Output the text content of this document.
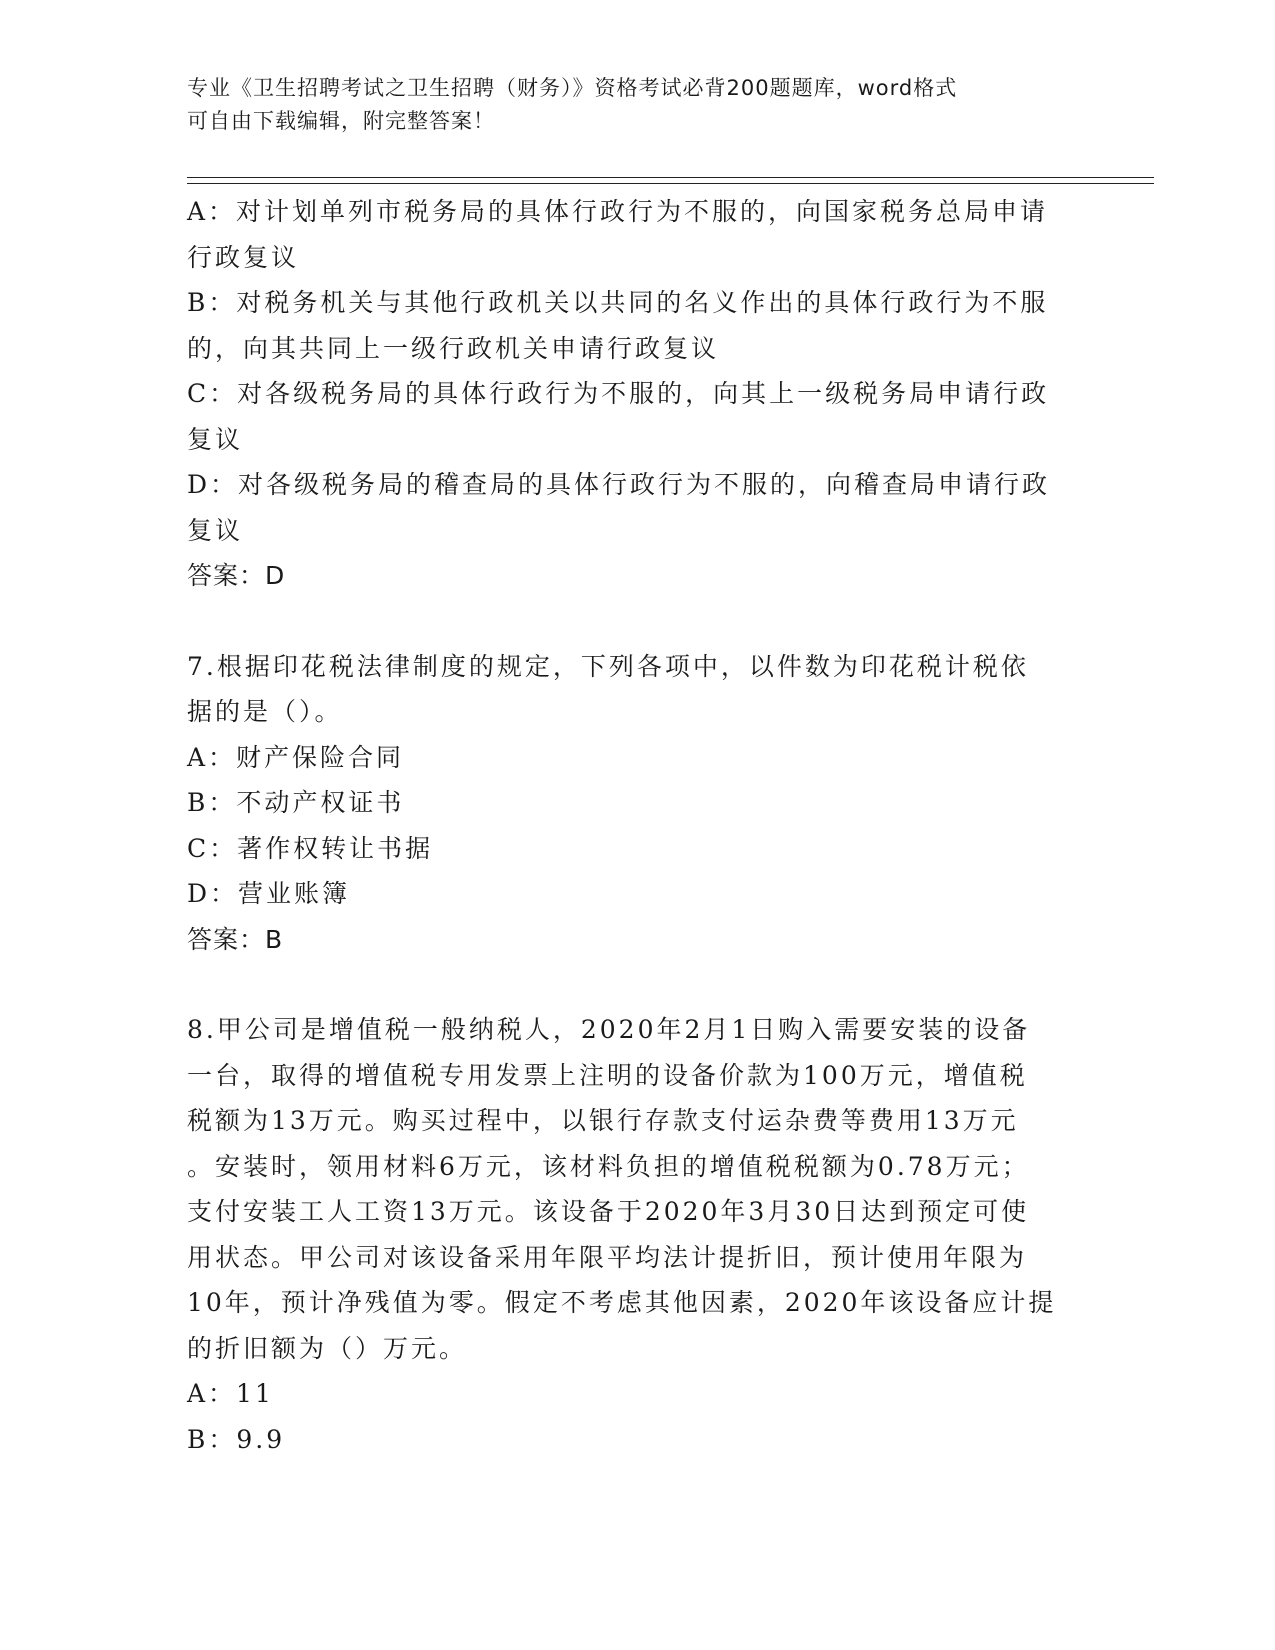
专业《卫生招聘考试之卫生招聘（财务）》资格考试必背200题题库，word格式
可自由下载编辑，附完整答案！
A：对计划单列市税务局的具体行政行为不服的，向国家税务总局申请
行政复议
B：对税务机关与其他行政机关以共同的名义作出的具体行政行为不服
的，向其共同上一级行政机关申请行政复议
C：对各级税务局的具体行政行为不服的，向其上一级税务局申请行政
复议
D：对各级税务局的稽查局的具体行政行为不服的，向稽查局申请行政
复议
答案：D
7.根据印花税法律制度的规定，下列各项中，以件数为印花税计税依
据的是（）。
A：财产保险合同
B：不动产权证书
C：著作权转让书据
D：营业账簿
答案：B
8.甲公司是增值税一般纳税人，2020年2月1日购入需要安装的设备
一台，取得的增值税专用发票上注明的设备价款为100万元，增值税
税额为13万元。购买过程中，以银行存款支付运杂费等费用13万元
。安装时，领用材料6万元，该材料负担的增值税税额为0.78万元；
支付安装工人工资13万元。该设备于2020年3月30日达到预定可使
用状态。甲公司对该设备采用年限平均法计提折旧，预计使用年限为
10年，预计净残值为零。假定不考虑其他因素，2020年该设备应计提
的折旧额为（）万元。
A：11
B：9.9
